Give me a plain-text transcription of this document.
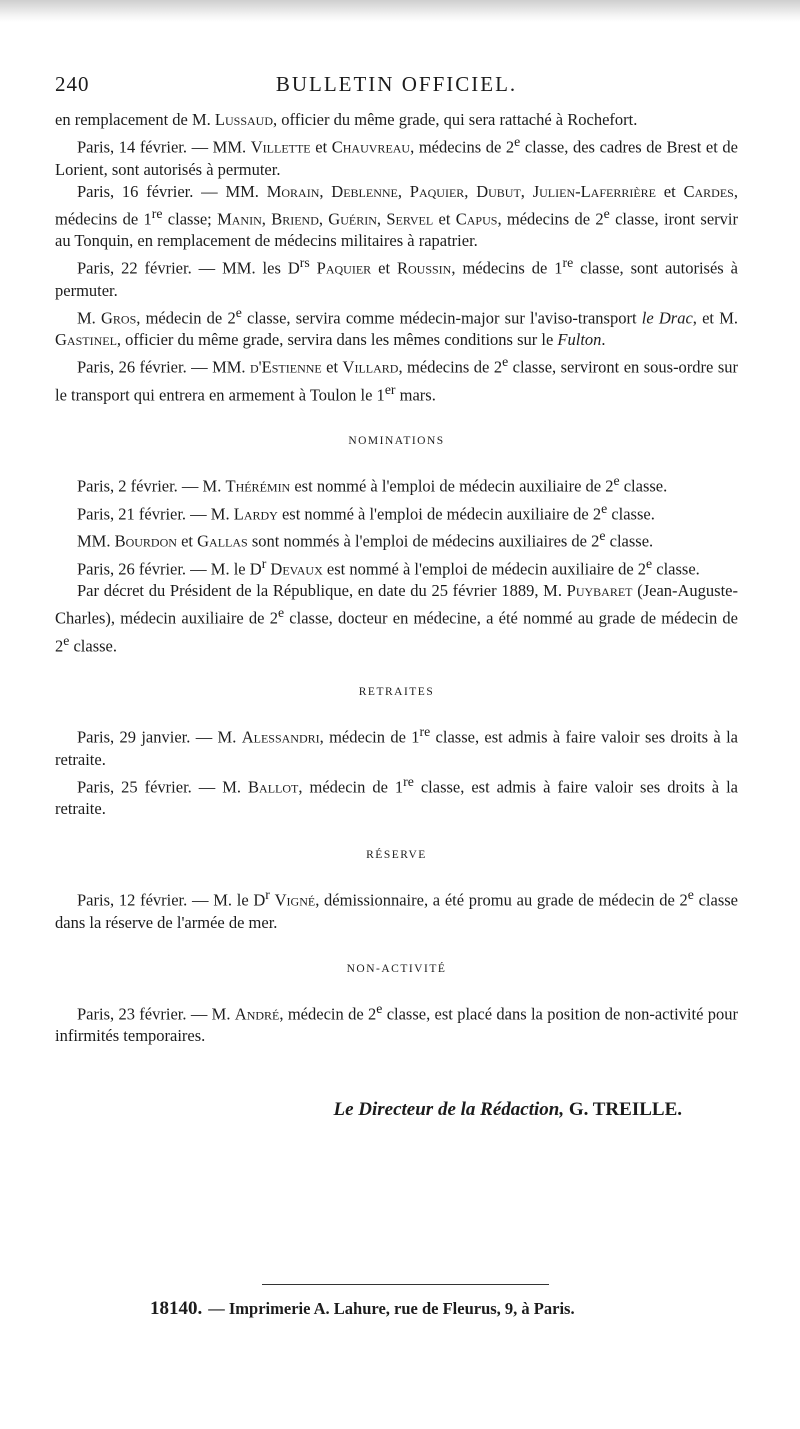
BULLETIN OFFICIEL.
240

en remplacement de M. Lussaud, officier du même grade, qui sera rattaché à Rochefort.

Paris, 14 février. — MM. Villette et Chauvreau, médecins de 2e classe, des cadres de Brest et de Lorient, sont autorisés à permuter.

Paris, 16 février. — MM. Morain, Deblenne, Paquier, Dubut, Julien-Laferrière et Cardes, médecins de 1re classe; Manin, Briend, Guérin, Servel et Capus, médecins de 2e classe, iront servir au Tonquin, en remplacement de médecins militaires à rapatrier.

Paris, 22 février. — MM. les $D^{rs}$ Paquier et Roussin, médecins de 1re classe, sont autorisés à permuter.

M. Gros, médecin de 2e classe, servira comme médecin-major sur l'aviso-transport le Drac, et M. Gastinel, officier du même grade, servira dans les mêmes conditions sur le Fulton.

Paris, 26 février. — MM. d'Estienne et Villard, médecins de 2e classe, serviront en sous-ordre sur le transport qui entrera en armement à Toulon le 1er mars.

NOMINATIONS

Paris, 2 février. — M. Thérémin est nommé à l'emploi de médecin auxiliaire de 2e classe.

Paris, 21 février. — M. Lardy est nommé à l'emploi de médecin auxiliaire de 2e classe.

MM. Bourdon et Gallas sont nommés à l'emploi de médecins auxiliaires de 2e classe.

Paris, 26 février. — M. le $D^r$ Devaux est nommé à l'emploi de médecin auxiliaire de 2e classe.

Par décret du Président de la République, en date du 25 février 1889, M. Puybaret (Jean-Auguste-Charles), médecin auxiliaire de 2e classe, docteur en médecine, a été nommé au grade de médecin de 2e classe.

RETRAITES

Paris, 29 janvier. — M. Alessandri, médecin de 1re classe, est admis à faire valoir ses droits à la retraite.

Paris, 25 février. — M. Ballot, médecin de 1re classe, est admis à faire valoir ses droits à la retraite.

RÉSERVE

Paris, 12 février. — M. le $D^r$ Vigné, démissionnaire, a été promu au grade de médecin de 2e classe dans la réserve de l'armée de mer.

NON-ACTIVITÉ

Paris, 23 février. — M. André, médecin de 2e classe, est placé dans la position de non-activité pour infirmités temporaires.

Le Directeur de la Rédaction, G. TREILLE.
18140. — Imprimerie A. Lahure, rue de Fleurus, 9, à Paris.
